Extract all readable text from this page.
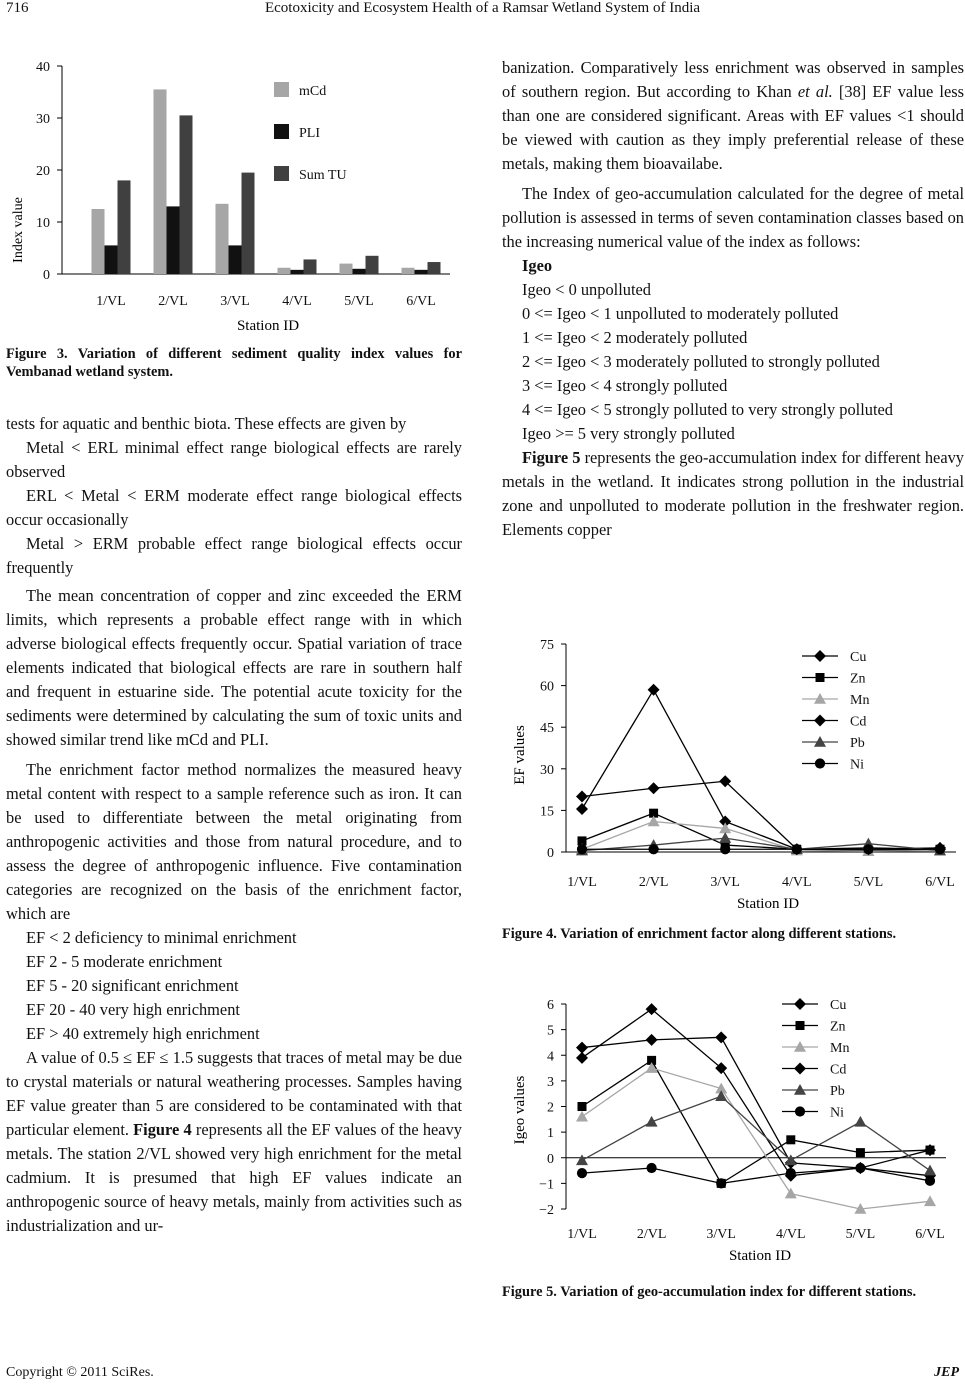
716	Ecotoxicity and Ecosystem Health of a Ramsar Wetland System of India
0
10
20
30
40
1/VL 2/VL 3/VL 4/VL 5/VL 6/VL
mCd
PLI
Sum TU
Index value
Station ID
Figure 3. Variation of different sediment quality index values for Vembanad wetland system.

tests for aquatic and benthic biota. These effects are given by

Metal < ERL minimal effect range biological effects are rarely observed

ERL < Metal < ERM moderate effect range biological effects occur occasionally

Metal > ERM probable effect range biological effects occur frequently

The mean concentration of copper and zinc exceeded the ERM limits, which represents a probable effect range with in which adverse biological effects frequently occur. Spatial variation of trace elements indicated that biological effects are rare in southern half and frequent in estuarine side. The potential acute toxicity for the sediments were determined by calculating the sum of toxic units and showed similar trend like mCd and PLI.

The enrichment factor method normalizes the measured heavy metal content with respect to a sample reference such as iron. It can be used to differentiate between the metal originating from anthropogenic activities and those from natural procedure, and to assess the degree of anthropogenic influence. Five contamination categories are recognized on the basis of the enrichment factor, which are

EF < 2 deficiency to minimal enrichment

EF 2 - 5 moderate enrichment

EF 5 - 20 significant enrichment

EF 20 - 40 very high enrichment

EF > 40 extremely high enrichment

A value of 0.5 ≤ EF ≤ 1.5 suggests that traces of metal may be due to crystal materials or natural weathering processes. Samples having EF value greater than 5 are considered to be contaminated with that particular element. Figure 4 represents all the EF values of the heavy metals. The station 2/VL showed very high enrichment for the metal cadmium. It is presumed that high EF values indicate an anthropogenic source of heavy metals, mainly from activities such as industrialization and ur-

banization. Comparatively less enrichment was observed in samples of southern region. But according to Khan et al. [38] EF value less than one are considered significant. Areas with EF values <1 should be viewed with caution as they imply preferential release of these metals, making them bioavailabe.

The Index of geo-accumulation calculated for the degree of metal pollution is assessed in terms of seven contamination classes based on the increasing numerical value of the index as follows:

Igeo

Igeo < 0 unpolluted

0 <= Igeo < 1 unpolluted to moderately polluted

1 <= Igeo < 2 moderately polluted

2 <= Igeo < 3 moderately polluted to strongly polluted

3 <= Igeo < 4 strongly polluted

4 <= Igeo < 5 strongly polluted to very strongly polluted

Igeo >= 5 very strongly polluted

Figure 5 represents the geo-accumulation index for different heavy metals in the wetland. It indicates strong pollution in the industrial zone and unpolluted to moderate pollution in the freshwater region. Elements copper

0
15
30
45
60
75
1/VL	2/VL	3/VL	4/VL	5/VL	6/VL
Cu
Zn
Mn
Cd
Pb
Ni
EF values
Station ID
Figure 4. Variation of enrichment factor along different stations.
−2
−1
0
1
2
3
4
5
6
1/VL	2/VL	3/VL	4/VL	5/VL	6/VL
Cu
Zn
Mn
Cd
Pb
Ni
Igeo values
Station ID
Figure 5. Variation of geo-accumulation index for different stations.
Copyright © 2011 SciRes.	JEP
